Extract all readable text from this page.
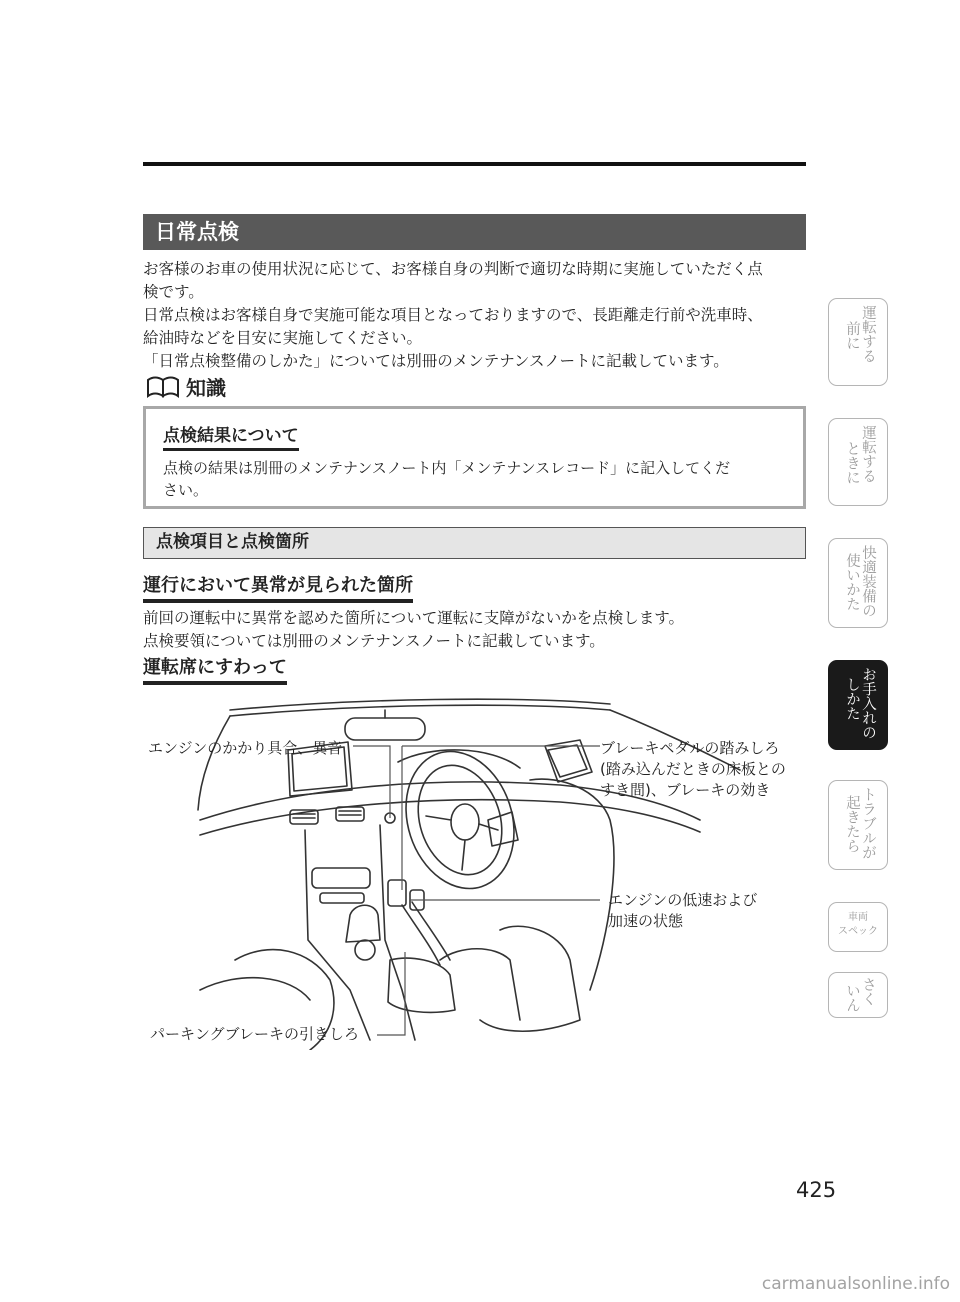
日常点検

お客様のお車の使用状況に応じて、お客様自身の判断で適切な時期に実施していただく点
検です。
日常点検はお客様自身で実施可能な項目となっておりますので、長距離走行前や洗車時、
給油時などを目安に実施してください。
「日常点検整備のしかた」については別冊のメンテナンスノートに記載しています。

知識
点検結果について

点検の結果は別冊のメンテナンスノート内「メンテナンスレコード」に記入してくだ
さい。

点検項目と点検箇所
運行において異常が見られた箇所

前回の運転中に異常を認めた箇所について運転に支障がないかを点検します。
点検要領については別冊のメンテナンスノートに記載しています。

運転席にすわって
エンジンのかかり具合、異音	ブレーキペダルの踏みしろ
(踏み込んだときの床板との
すき間)、ブレーキの効き
エンジンの低速および
加速の状態
パーキングブレーキの引きしろ
運転する
前に
運転する
ときに
快適装備の
使いかた
お手入れの
しかた
トラブルが
起きたら
車両
スペック
さく
いん
425
carmanualsonline.info
